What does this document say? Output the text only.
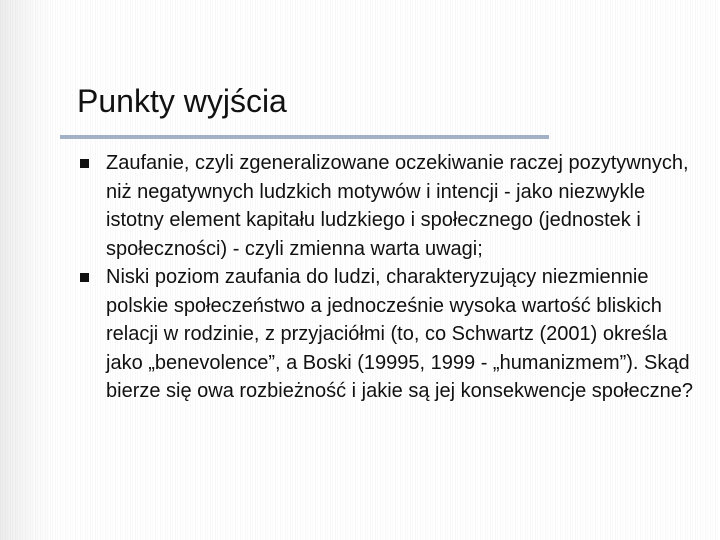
Punkty wyjścia
Zaufanie, czyli zgeneralizowane oczekiwanie raczej pozytywnych, niż negatywnych ludzkich motywów i intencji - jako niezwykle istotny element kapitału ludzkiego i społecznego (jednostek i społeczności) - czyli zmienna warta uwagi;
Niski poziom zaufania do ludzi, charakteryzujący niezmiennie polskie społeczeństwo a jednocześnie wysoka wartość bliskich relacji w rodzinie, z przyjaciółmi (to, co Schwartz (2001) określa jako „benevolence”, a Boski (19995, 1999 - „humanizmem”). Skąd bierze się owa rozbieżność i jakie są jej konsekwencje społeczne?
